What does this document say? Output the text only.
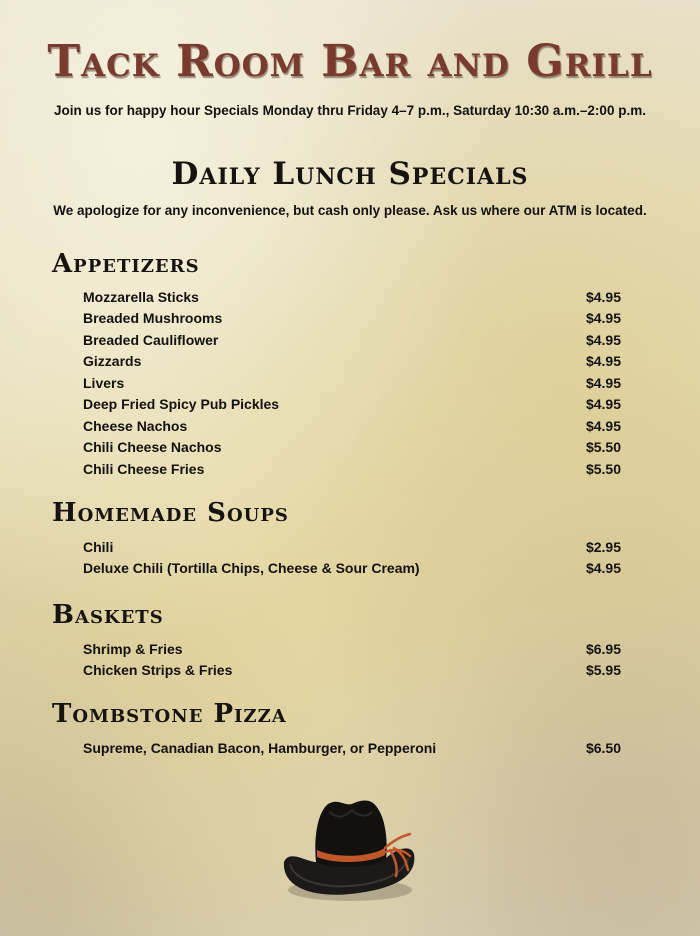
Tack Room Bar and Grill
Join us for happy hour Specials Monday thru Friday 4–7 p.m., Saturday 10:30 a.m.–2:00 p.m.
Daily Lunch Specials
We apologize for any inconvenience, but cash only please. Ask us where our ATM is located.
Appetizers
Mozzarella Sticks	$4.95
Breaded Mushrooms	$4.95
Breaded Cauliflower	$4.95
Gizzards	$4.95
Livers	$4.95
Deep Fried Spicy Pub Pickles	$4.95
Cheese Nachos	$4.95
Chili Cheese Nachos	$5.50
Chili Cheese Fries	$5.50
Homemade Soups
Chili	$2.95
Deluxe Chili (Tortilla Chips, Cheese & Sour Cream)	$4.95
Baskets
Shrimp & Fries	$6.95
Chicken Strips & Fries	$5.95
Tombstone Pizza
Supreme, Canadian Bacon, Hamburger, or Pepperoni	$6.50
